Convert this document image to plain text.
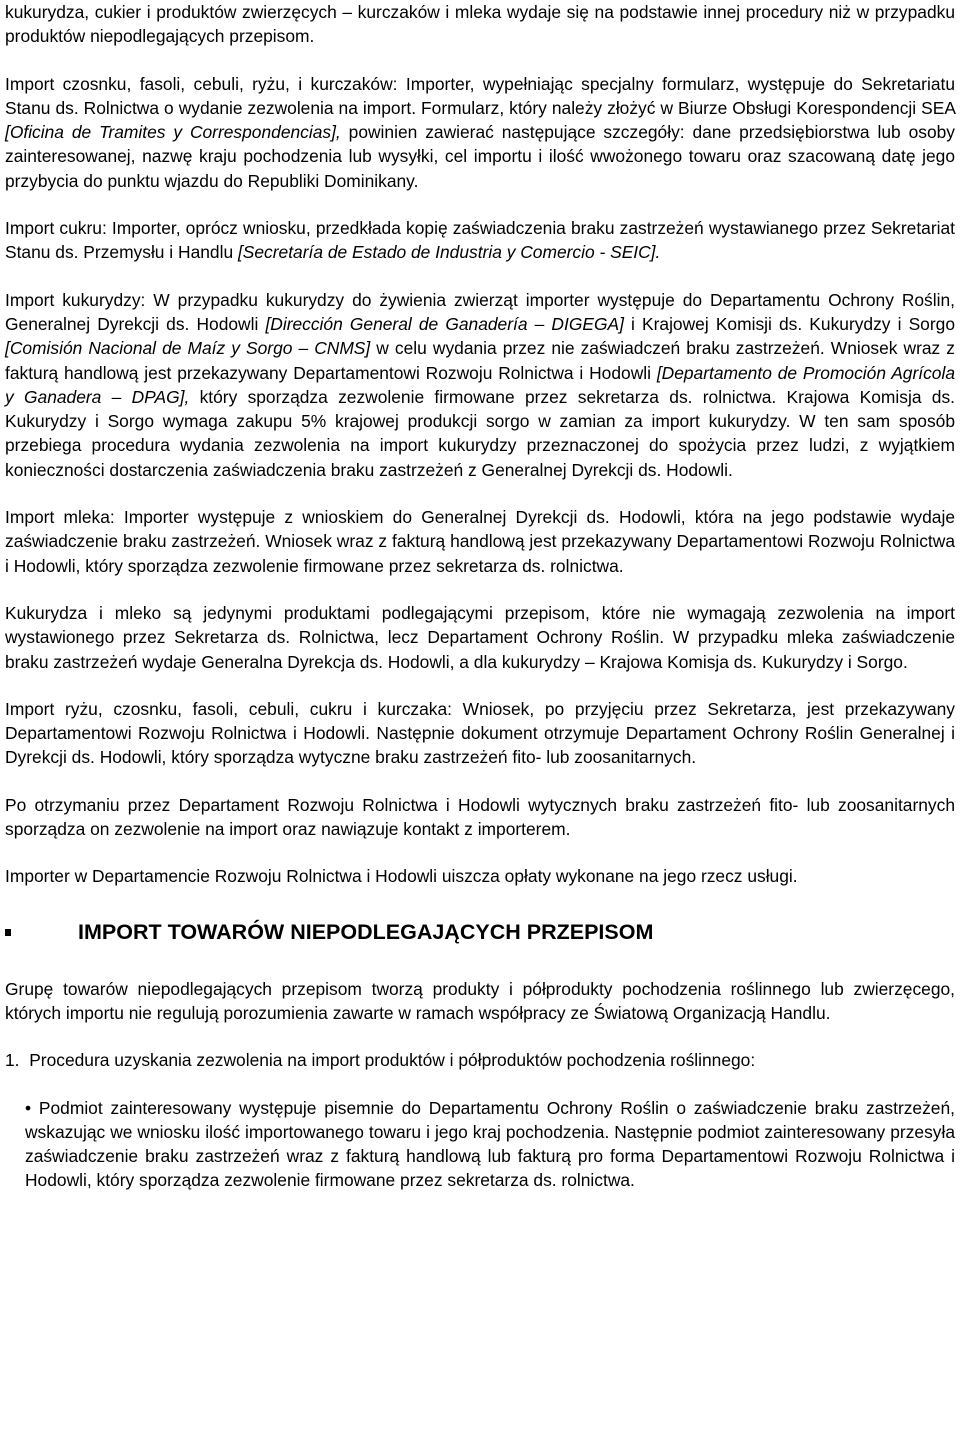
kukurydza, cukier i produktów zwierzęcych – kurczaków i mleka wydaje się na podstawie innej procedury niż w przypadku produktów niepodlegających przepisom.

Import czosnku, fasoli, cebuli, ryżu, i kurczaków: Importer, wypełniając specjalny formularz, występuje do Sekretariatu Stanu ds. Rolnictwa o wydanie zezwolenia na import. Formularz, który należy złożyć w Biurze Obsługi Korespondencji SEA [Oficina de Tramites y Correspondencias], powinien zawierać następujące szczegóły: dane przedsiębiorstwa lub osoby zainteresowanej, nazwę kraju pochodzenia lub wysyłki, cel importu i ilość wwożonego towaru oraz szacowaną datę jego przybycia do punktu wjazdu do Republiki Dominikany.

Import cukru: Importer, oprócz wniosku, przedkłada kopię zaświadczenia braku zastrzeżeń wystawianego przez Sekretariat Stanu ds. Przemysłu i Handlu [Secretaría de Estado de Industria y Comercio - SEIC].

Import kukurydzy: W przypadku kukurydzy do żywienia zwierząt importer występuje do Departamentu Ochrony Roślin, Generalnej Dyrekcji ds. Hodowli [Dirección General de Ganadería – DIGEGA] i Krajowej Komisji ds. Kukurydzy i Sorgo [Comisión Nacional de Maíz y Sorgo – CNMS] w celu wydania przez nie zaświadczeń braku zastrzeżeń. Wniosek wraz z fakturą handlową jest przekazywany Departamentowi Rozwoju Rolnictwa i Hodowli [Departamento de Promoción Agrícola y Ganadera – DPAG], który sporządza zezwolenie firmowane przez sekretarza ds. rolnictwa. Krajowa Komisja ds. Kukurydzy i Sorgo wymaga zakupu 5% krajowej produkcji sorgo w zamian za import kukurydzy. W ten sam sposób przebiega procedura wydania zezwolenia na import kukurydzy przeznaczonej do spożycia przez ludzi, z wyjątkiem konieczności dostarczenia zaświadczenia braku zastrzeżeń z Generalnej Dyrekcji ds. Hodowli.

Import mleka: Importer występuje z wnioskiem do Generalnej Dyrekcji ds. Hodowli, która na jego podstawie wydaje zaświadczenie braku zastrzeżeń. Wniosek wraz z fakturą handlową jest przekazywany Departamentowi Rozwoju Rolnictwa i Hodowli, który sporządza zezwolenie firmowane przez sekretarza ds. rolnictwa.

Kukurydza i mleko są jedynymi produktami podlegającymi przepisom, które nie wymagają zezwolenia na import wystawionego przez Sekretarza ds. Rolnictwa, lecz Departament Ochrony Roślin. W przypadku mleka zaświadczenie braku zastrzeżeń wydaje Generalna Dyrekcja ds. Hodowli, a dla kukurydzy – Krajowa Komisja ds. Kukurydzy i Sorgo.

Import ryżu, czosnku, fasoli, cebuli, cukru i kurczaka: Wniosek, po przyjęciu przez Sekretarza, jest przekazywany Departamentowi Rozwoju Rolnictwa i Hodowli. Następnie dokument otrzymuje Departament Ochrony Roślin Generalnej i Dyrekcji ds. Hodowli, który sporządza wytyczne braku zastrzeżeń fito- lub zoosanitarnych.

Po otrzymaniu przez Departament Rozwoju Rolnictwa i Hodowli wytycznych braku zastrzeżeń fito- lub zoosanitarnych sporządza on zezwolenie na import oraz nawiązuje kontakt z importerem.

Importer w Departamencie Rozwoju Rolnictwa i Hodowli uiszcza opłaty wykonane na jego rzecz usługi.

IMPORT TOWARÓW NIEPODLEGAJĄCYCH PRZEPISOM

Grupę towarów niepodlegających przepisom tworzą produkty i półprodukty pochodzenia roślinnego lub zwierzęcego, których importu nie regulują porozumienia zawarte w ramach współpracy ze Światową Organizacją Handlu.

1. Procedura uzyskania zezwolenia na import produktów i półproduktów pochodzenia roślinnego:

• Podmiot zainteresowany występuje pisemnie do Departamentu Ochrony Roślin o zaświadczenie braku zastrzeżeń, wskazując we wniosku ilość importowanego towaru i jego kraj pochodzenia. Następnie podmiot zainteresowany przesyła zaświadczenie braku zastrzeżeń wraz z fakturą handlową lub fakturą pro forma Departamentowi Rozwoju Rolnictwa i Hodowli, który sporządza zezwolenie firmowane przez sekretarza ds. rolnictwa.
